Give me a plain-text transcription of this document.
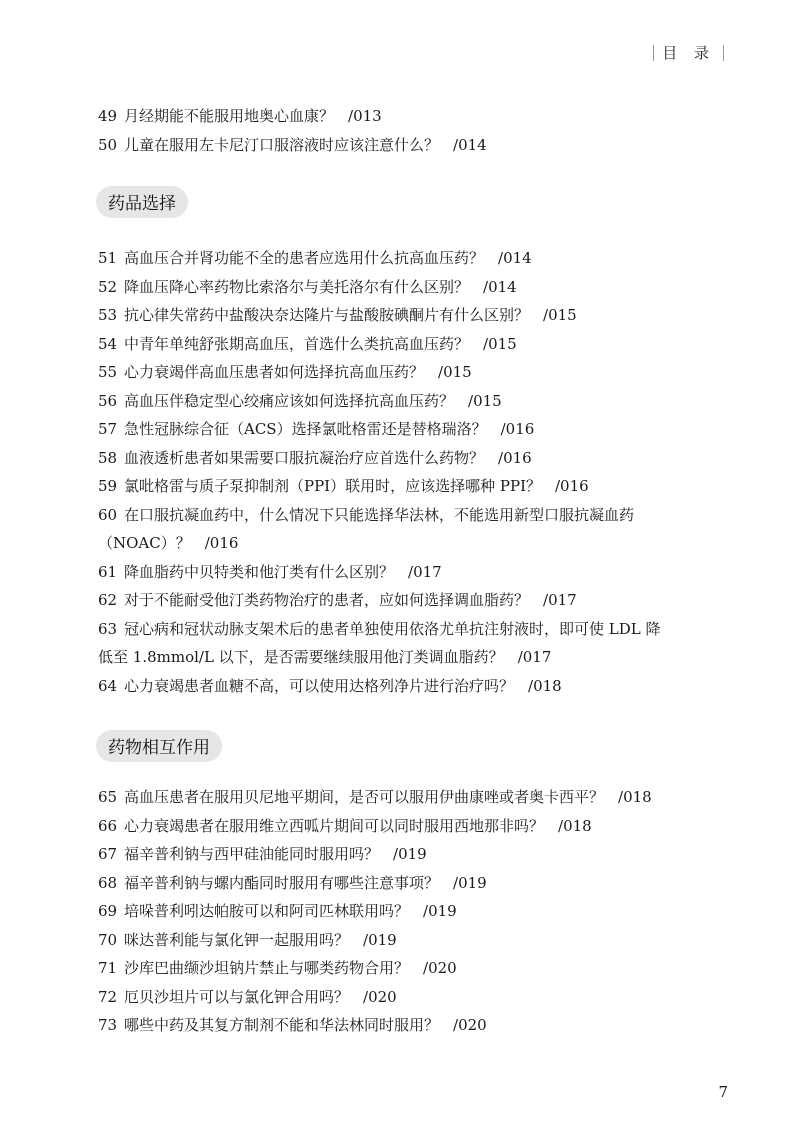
目 录
49 月经期能不能服用地奥心血康？ /013
50 儿童在服用左卡尼汀口服溶液时应该注意什么？ /014
药品选择
51 高血压合并肾功能不全的患者应选用什么抗高血压药？ /014
52 降血压降心率药物比索洛尔与美托洛尔有什么区别？ /014
53 抗心律失常药中盐酸决奈达隆片与盐酸胺碘酮片有什么区别？ /015
54 中青年单纯舒张期高血压，首选什么类抗高血压药？ /015
55 心力衰竭伴高血压患者如何选择抗高血压药？ /015
56 高血压伴稳定型心绞痛应该如何选择抗高血压药？ /015
57 急性冠脉综合征（ACS）选择氯吡格雷还是替格瑞洛？ /016
58 血液透析患者如果需要口服抗凝治疗应首选什么药物？ /016
59 氯吡格雷与质子泵抑制剂（PPI）联用时，应该选择哪种 PPI？ /016
60 在口服抗凝血药中，什么情况下只能选择华法林，不能选用新型口服抗凝血药
（NOAC）？ /016
61 降血脂药中贝特类和他汀类有什么区别？ /017
62 对于不能耐受他汀类药物治疗的患者，应如何选择调血脂药？ /017
63 冠心病和冠状动脉支架术后的患者单独使用依洛尤单抗注射液时，即可使 LDL 降
低至 1.8mmol/L 以下，是否需要继续服用他汀类调血脂药？ /017
64 心力衰竭患者血糖不高，可以使用达格列净片进行治疗吗？ /018
药物相互作用
65 高血压患者在服用贝尼地平期间，是否可以服用伊曲康唑或者奥卡西平？ /018
66 心力衰竭患者在服用维立西呱片期间可以同时服用西地那非吗？ /018
67 福辛普利钠与西甲硅油能同时服用吗？ /019
68 福辛普利钠与螺内酯同时服用有哪些注意事项？ /019
69 培哚普利吲达帕胺可以和阿司匹林联用吗？ /019
70 咪达普利能与氯化钾一起服用吗？ /019
71 沙库巴曲缬沙坦钠片禁止与哪类药物合用？ /020
72 厄贝沙坦片可以与氯化钾合用吗？ /020
73 哪些中药及其复方制剂不能和华法林同时服用？ /020
7
